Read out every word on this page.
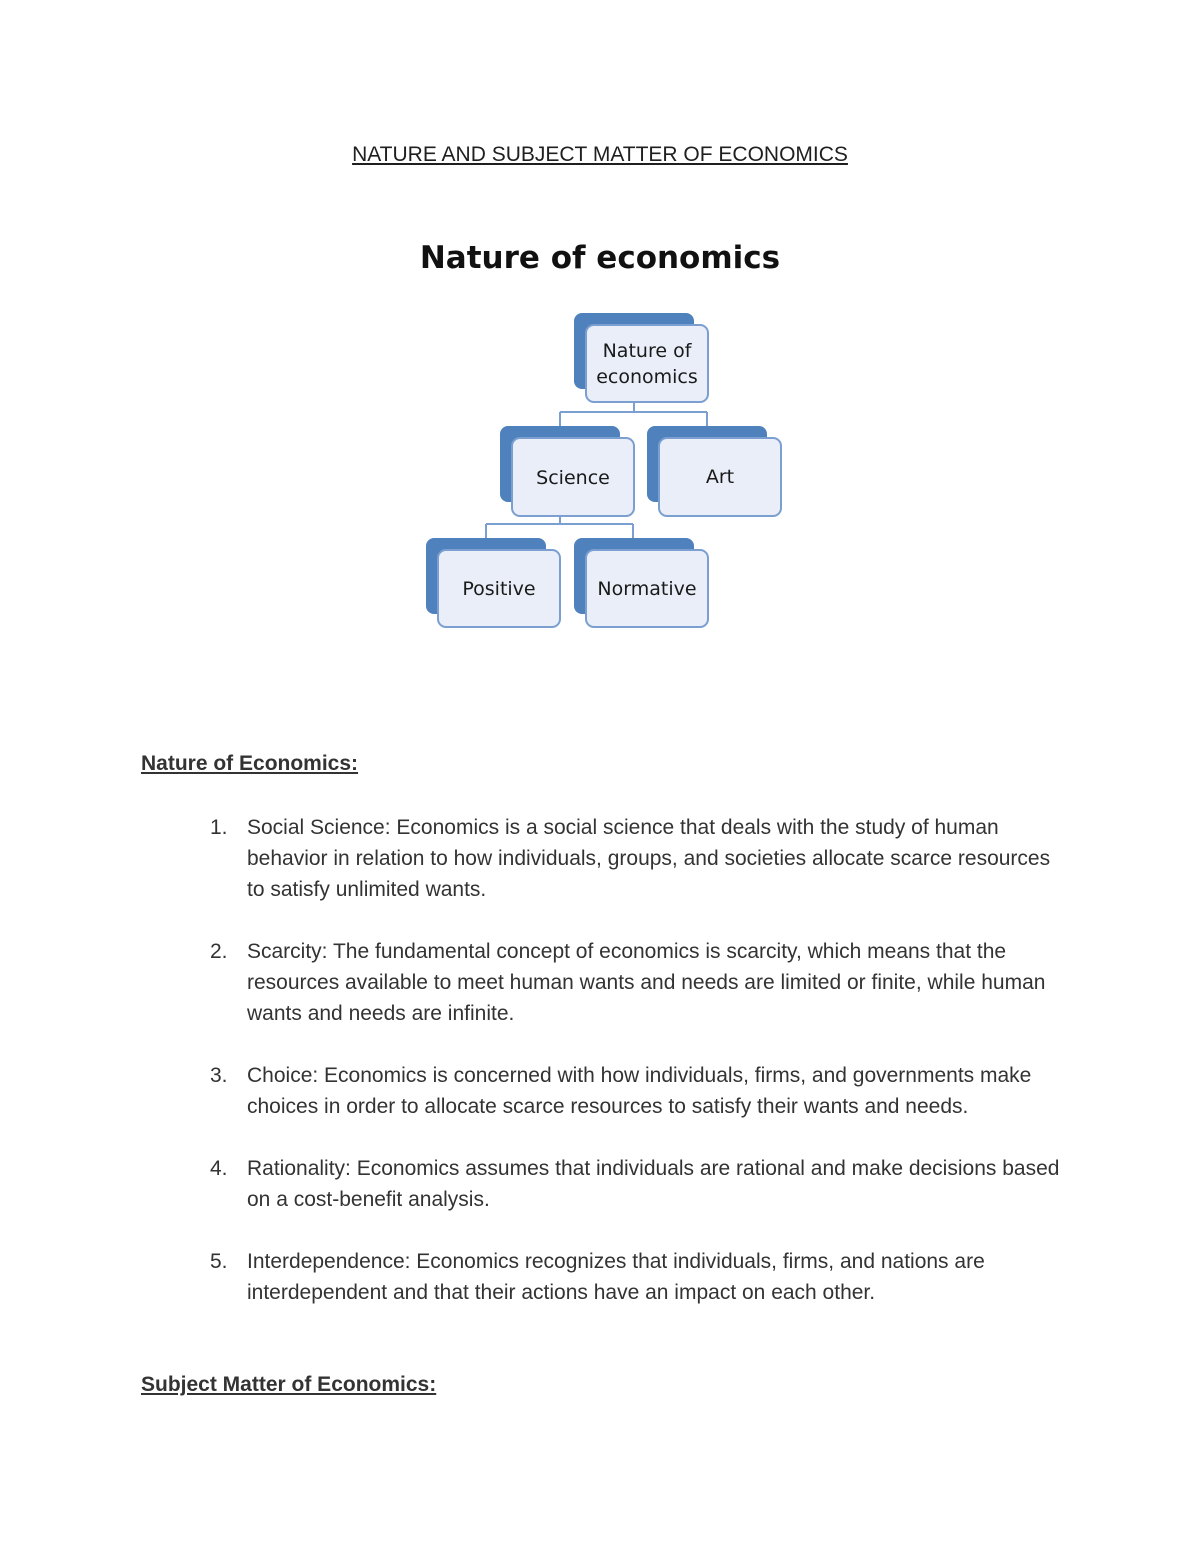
NATURE AND SUBJECT MATTER OF ECONOMICS
Nature of economics
Nature of
economics
Science	Art
Positive	Normative
Nature of Economics:
1. Social Science: Economics is a social science that deals with the study of human behavior in relation to how individuals, groups, and societies allocate scarce resources to satisfy unlimited wants.
2. Scarcity: The fundamental concept of economics is scarcity, which means that the resources available to meet human wants and needs are limited or finite, while human wants and needs are infinite.
3. Choice: Economics is concerned with how individuals, firms, and governments make choices in order to allocate scarce resources to satisfy their wants and needs.
4. Rationality: Economics assumes that individuals are rational and make decisions based on a cost-benefit analysis.
5. Interdependence: Economics recognizes that individuals, firms, and nations are interdependent and that their actions have an impact on each other.
Subject Matter of Economics:
